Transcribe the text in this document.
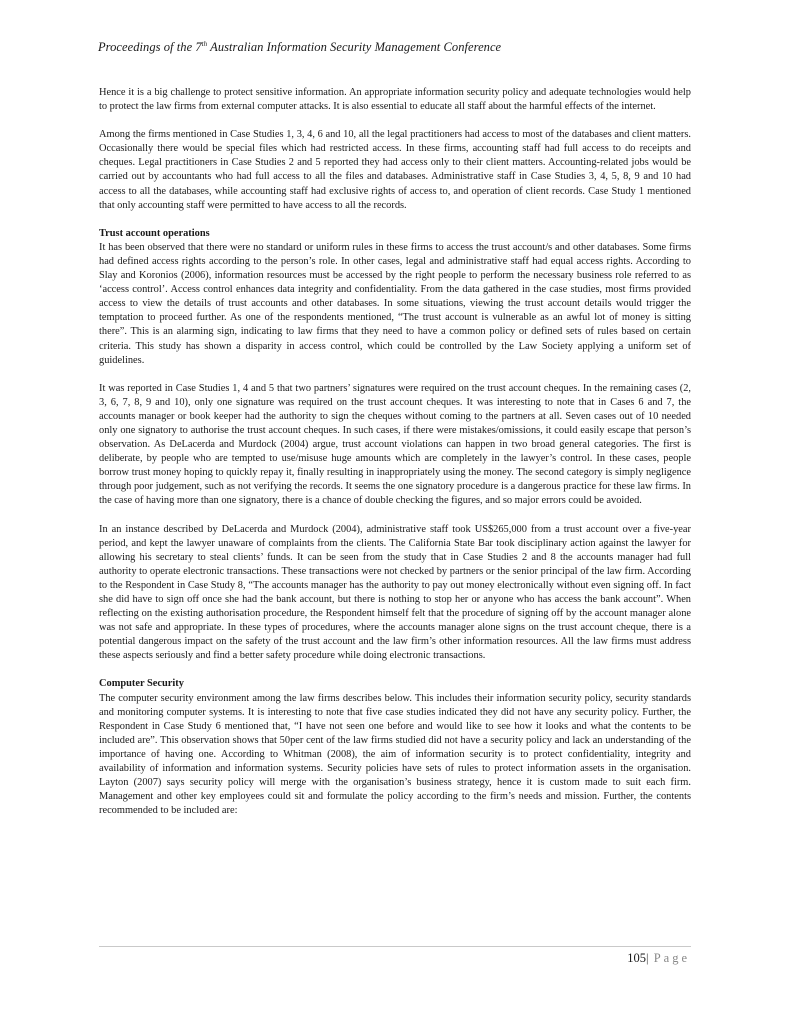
Proceedings of the 7th Australian Information Security Management Conference

Hence it is a big challenge to protect sensitive information. An appropriate information security policy and adequate technologies would help to protect the law firms from external computer attacks. It is also essential to educate all staff about the harmful effects of the internet.

Among the firms mentioned in Case Studies 1, 3, 4, 6 and 10, all the legal practitioners had access to most of the databases and client matters. Occasionally there would be special files which had restricted access. In these firms, accounting staff had full access to do receipts and cheques. Legal practitioners in Case Studies 2 and 5 reported they had access only to their client matters. Accounting-related jobs would be carried out by accountants who had full access to all the files and databases. Administrative staff in Case Studies 3, 4, 5, 8, 9 and 10 had access to all the databases, while accounting staff had exclusive rights of access to, and operation of client records. Case Study 1 mentioned that only accounting staff were permitted to have access to all the records.

Trust account operations

It has been observed that there were no standard or uniform rules in these firms to access the trust account/s and other databases. Some firms had defined access rights according to the person’s role. In other cases, legal and administrative staff had equal access rights. According to Slay and Koronios (2006), information resources must be accessed by the right people to perform the necessary business role referred to as ‘access control’. Access control enhances data integrity and confidentiality. From the data gathered in the case studies, most firms provided access to view the details of trust accounts and other databases. In some situations, viewing the trust account details would trigger the temptation to proceed further. As one of the respondents mentioned, “The trust account is vulnerable as an awful lot of money is sitting there”. This is an alarming sign, indicating to law firms that they need to have a common policy or defined sets of rules based on certain criteria. This study has shown a disparity in access control, which could be controlled by the Law Society applying a uniform set of guidelines.

It was reported in Case Studies 1, 4 and 5 that two partners’ signatures were required on the trust account cheques. In the remaining cases (2, 3, 6, 7, 8, 9 and 10), only one signature was required on the trust account cheques. It was interesting to note that in Cases 6 and 7, the accounts manager or book keeper had the authority to sign the cheques without coming to the partners at all. Seven cases out of 10 needed only one signatory to authorise the trust account cheques. In such cases, if there were mistakes/omissions, it could easily escape that person’s observation. As DeLacerda and Murdock (2004) argue, trust account violations can happen in two broad general categories. The first is deliberate, by people who are tempted to use/misuse huge amounts which are completely in the lawyer’s control. In these cases, people borrow trust money hoping to quickly repay it, finally resulting in inappropriately using the money. The second category is simply negligence through poor judgement, such as not verifying the records. It seems the one signatory procedure is a dangerous practice for these law firms. In the case of having more than one signatory, there is a chance of double checking the figures, and so major errors could be avoided.

In an instance described by DeLacerda and Murdock (2004), administrative staff took US$265,000 from a trust account over a five-year period, and kept the lawyer unaware of complaints from the clients. The California State Bar took disciplinary action against the lawyer for allowing his secretary to steal clients’ funds. It can be seen from the study that in Case Studies 2 and 8 the accounts manager had full authority to operate electronic transactions. These transactions were not checked by partners or the senior principal of the law firm. According to the Respondent in Case Study 8, “The accounts manager has the authority to pay out money electronically without even signing off. In fact she did have to sign off once she had the bank account, but there is nothing to stop her or anyone who has access the bank account”. When reflecting on the existing authorisation procedure, the Respondent himself felt that the procedure of signing off by the account manager alone was not safe and appropriate. In these types of procedures, where the accounts manager alone signs on the trust account cheque, there is a potential dangerous impact on the safety of the trust account and the law firm’s other information resources. All the law firms must address these aspects seriously and find a better safety procedure while doing electronic transactions.

Computer Security

The computer security environment among the law firms describes below. This includes their information security policy, security standards and monitoring computer systems. It is interesting to note that five case studies indicated they did not have any security policy. Further, the Respondent in Case Study 6 mentioned that, “I have not seen one before and would like to see how it looks and what the contents to be included are”. This observation shows that 50per cent of the law firms studied did not have a security policy and lack an understanding of the importance of having one. According to Whitman (2008), the aim of information security is to protect confidentiality, integrity and availability of information and information systems. Security policies have sets of rules to protect information assets in the organisation. Layton (2007) says security policy will merge with the organisation’s business strategy, hence it is custom made to suit each firm. Management and other key employees could sit and formulate the policy according to the firm’s needs and mission. Further, the contents recommended to be included are:

105| Page
